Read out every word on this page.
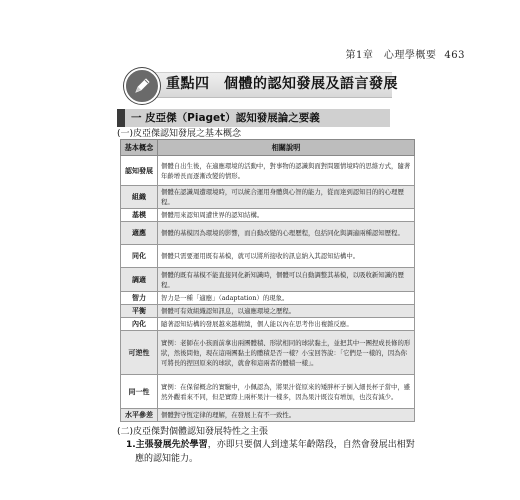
第1章　心理學概要 463
重點四　個體的認知發展及語言發展
一 皮亞傑（Piaget）認知發展論之要義
(一)皮亞傑認知發展之基本概念
基本概念	相關說明
認知發展	個體自出生後，在適應環境的活動中，對事物的認識與面對問題情境時的思維方式，隨著年齡增長而逐漸改變的情形。
組織	個體在認識周遭環境時，可以統合運用身體與心智的能力，從而達到認知目的的心理歷程。
基模	個體用來認知周遭世界的認知結構。
適應	個體的基模因為環境的影響，而自動改變的心理歷程，包括同化與調適兩種認知歷程。
同化	個體只需要運用既有基模，就可以將所接收的訊息納入其認知結構中。
調適	個體的既有基模不能直接同化新知識時，個體可以自動調整其基模，以吸收新知識的歷程。
智力	智力是一種「適應」（adaptation）的現象。
平衡	個體可有效組織認知訊息，以適應環境之歷程。
內化	隨著認知結構的發展越來越精緻，個人能以內在思考作出複雜反應。
可逆性	實例：老師在小孩面前拿出兩團體積、形狀相同的球狀黏土，並把其中一團捏成長條的形狀，然後問他，現在這兩團黏土的體積是否一樣？小宝回答說：「它們是一樣的，因為你可將長的捏回原來的球狀，就會和這兩者的體積一樣」。
同一性	實例：在保留概念的實驗中，小佩認為，將果汁從原來的矮胖杯子倒入細長杯子當中，雖然外觀看來不同，但是實際上兩杯果汁一樣多，因為果汁既沒有增加，也沒有減少。
水平參差	個體對守恆定律的理解，在發展上有不一致性。
(二)皮亞傑對個體認知發展特性之主張
1.主張發展先於學習，亦即只要個人到達某年齡階段，自然會發展出相對
應的認知能力。
